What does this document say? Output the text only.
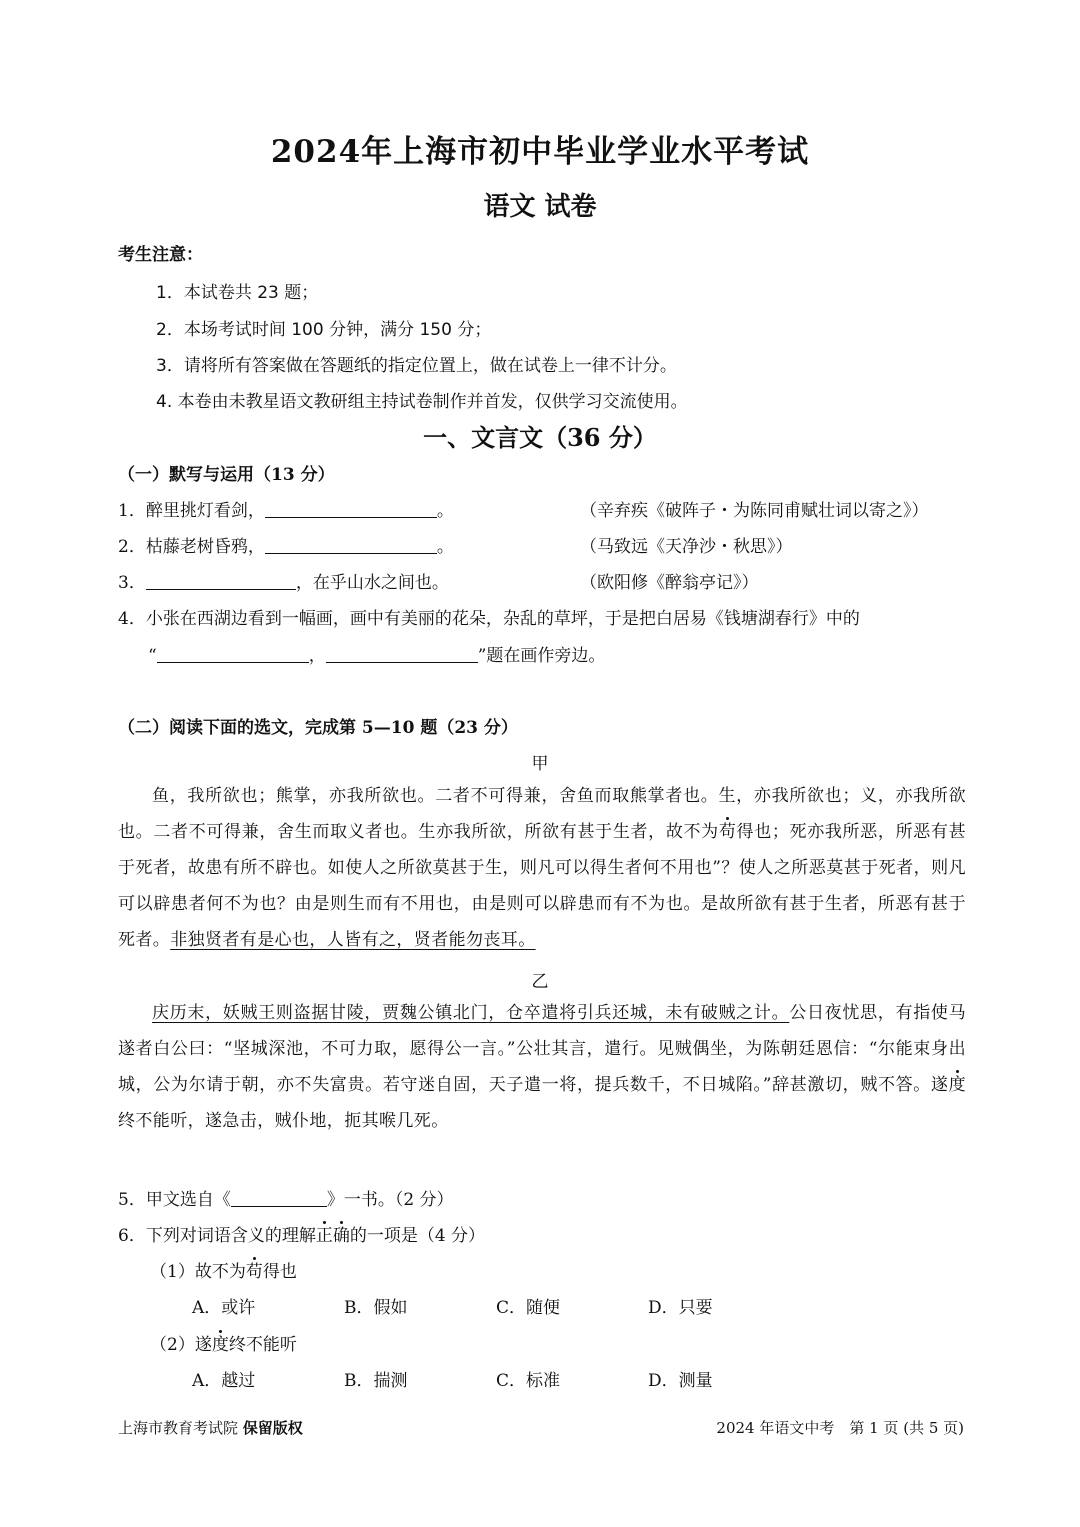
2024年上海市初中毕业学业水平考试
语文 试卷
考生注意：
1．本试卷共 23 题；
2．本场考试时间 100 分钟，满分 150 分；
3．请将所有答案做在答题纸的指定位置上，做在试卷上一律不计分。
4. 本卷由未教星语文教研组主持试卷制作并首发，仅供学习交流使用。
一、文言文（36 分）
（一）默写与运用（13 分）
1．醉里挑灯看剑，	。	（辛弃疾《破阵子・为陈同甫赋壮词以寄之》）
2．枯藤老树昏鸦，	。	（马致远《天净沙・秋思》）
3．	，在乎山水之间也。	（欧阳修《醉翁亭记》）
4．小张在西湖边看到一幅画，画中有美丽的花朵，杂乱的草坪，于是把白居易《钱塘湖春行》中的
“	，	”题在画作旁边。
（二）阅读下面的选文，完成第 5—10 题（23 分）
甲

鱼，我所欲也；熊掌，亦我所欲也。二者不可得兼，舍鱼而取熊掌者也。生，亦我所欲也；义，亦我所欲也。二者不可得兼，舍生而取义者也。生亦我所欲，所欲有甚于生者，故不为苟得也；死亦我所恶，所恶有甚于死者，故患有所不辟也。如使人之所欲莫甚于生，则凡可以得生者何不用也”？使人之所恶莫甚于死者，则凡可以辟患者何不为也？由是则生而有不用也，由是则可以辟患而有不为也。是故所欲有甚于生者，所恶有甚于死者。非独贤者有是心也，人皆有之，贤者能勿丧耳。

乙

庆历末，妖贼王则盗据甘陵，贾魏公镇北门，仓卒遣将引兵还城，未有破贼之计。公日夜忧思，有指使马遂者白公曰：“坚城深池，不可力取，愿得公一言。”公壮其言，遣行。见贼偶坐，为陈朝廷恩信：“尔能束身出城，公为尔请于朝，亦不失富贵。若守迷自固，天子遣一将，提兵数千，不日城陷。”辞甚激切，贼不答。遂度终不能听，遂急击，贼仆地，扼其喉几死。

5．甲文选自《	》一书。（2 分）
6．下列对词语含义的理解正确的一项是（4 分）
（1）故不为苟得也
A．或许	B．假如	C．随便	D．只要
（2）遂度终不能听
A．越过	B．揣测	C．标准	D．测量
上海市教育考试院 保留版权	2024 年语文中考　第 1 页 (共 5 页)
